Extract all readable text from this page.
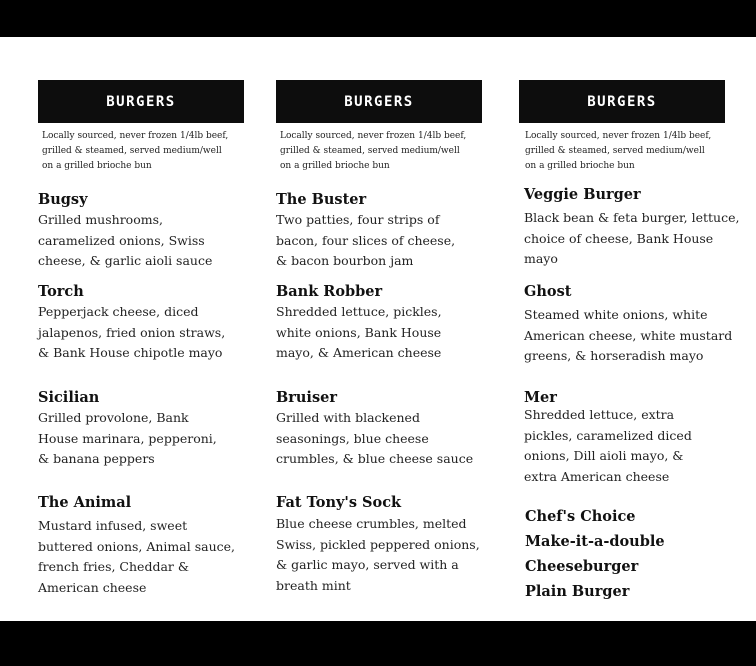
BURGERS
Locally sourced, never frozen 1/4lb beef,
grilled & steamed, served medium/well
on a grilled brioche bun
Bugsy
Grilled mushrooms,
caramelized onions, Swiss
cheese, & garlic aioli sauce
Torch
Pepperjack cheese, diced
jalapenos, fried onion straws,
& Bank House chipotle mayo
Sicilian
Grilled provolone, Bank
House marinara, pepperoni,
& banana peppers
The Animal
Mustard infused, sweet
buttered onions, Animal sauce,
french fries, Cheddar &
American cheese
BURGERS
Locally sourced, never frozen 1/4lb beef,
grilled & steamed, served medium/well
on a grilled brioche bun
The Buster
Two patties, four strips of
bacon, four slices of cheese,
& bacon bourbon jam
Bank Robber
Shredded lettuce, pickles,
white onions, Bank House
mayo, & American cheese
Bruiser
Grilled with blackened
seasonings, blue cheese
crumbles, & blue cheese sauce
Fat Tony's Sock
Blue cheese crumbles, melted
Swiss, pickled peppered onions,
& garlic mayo, served with a
breath mint
BURGERS
Locally sourced, never frozen 1/4lb beef,
grilled & steamed, served medium/well
on a grilled brioche bun
Veggie Burger
Black bean & feta burger, lettuce,
choice of cheese, Bank House
mayo
Ghost
Steamed white onions, white
American cheese, white mustard
greens, & horseradish mayo
Mer
Shredded lettuce, extra
pickles, caramelized diced
onions, Dill aioli mayo, &
extra American cheese
Chef's Choice
Make-it-a-double
Cheeseburger
Plain Burger
